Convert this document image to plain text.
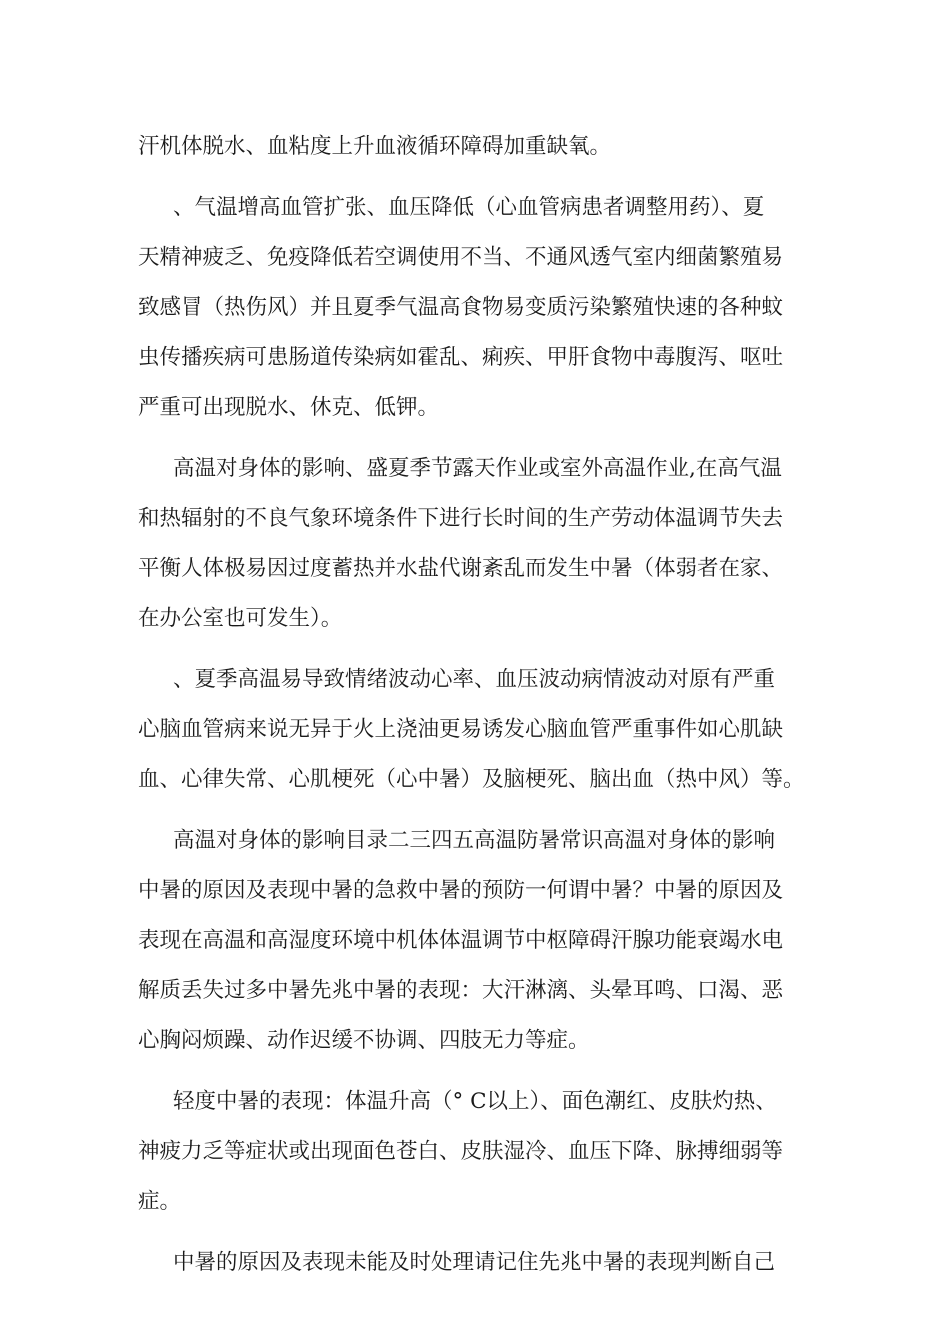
汗机体脱水、血粘度上升血液循环障碍加重缺氧。

、气温增高血管扩张、血压降低（心血管病患者调整用药）、夏
天精神疲乏、免疫降低若空调使用不当、不通风透气室内细菌繁殖易
致感冒（热伤风）并且夏季气温高食物易变质污染繁殖快速的各种蚊
虫传播疾病可患肠道传染病如霍乱、痢疾、甲肝食物中毒腹泻、呕吐
严重可出现脱水、休克、低钾。

高温对身体的影响、盛夏季节露天作业或室外高温作业,在高气温
和热辐射的不良气象环境条件下进行长时间的生产劳动体温调节失去
平衡人体极易因过度蓄热并水盐代谢紊乱而发生中暑（体弱者在家、
在办公室也可发生）。

、夏季高温易导致情绪波动心率、血压波动病情波动对原有严重
心脑血管病来说无异于火上浇油更易诱发心脑血管严重事件如心肌缺
血、心律失常、心肌梗死（心中暑）及脑梗死、脑出血（热中风）等。

高温对身体的影响目录二三四五高温防暑常识高温对身体的影响
中暑的原因及表现中暑的急救中暑的预防一何谓中暑？中暑的原因及
表现在高温和高湿度环境中机体体温调节中枢障碍汗腺功能衰竭水电
解质丢失过多中暑先兆中暑的表现：大汗淋漓、头晕耳鸣、口渴、恶
心胸闷烦躁、动作迟缓不协调、四肢无力等症。

轻度中暑的表现：体温升高（° C以上）、面色潮红、皮肤灼热、
神疲力乏等症状或出现面色苍白、皮肤湿冷、血压下降、脉搏细弱等
症。

中暑的原因及表现未能及时处理请记住先兆中暑的表现判断自己
